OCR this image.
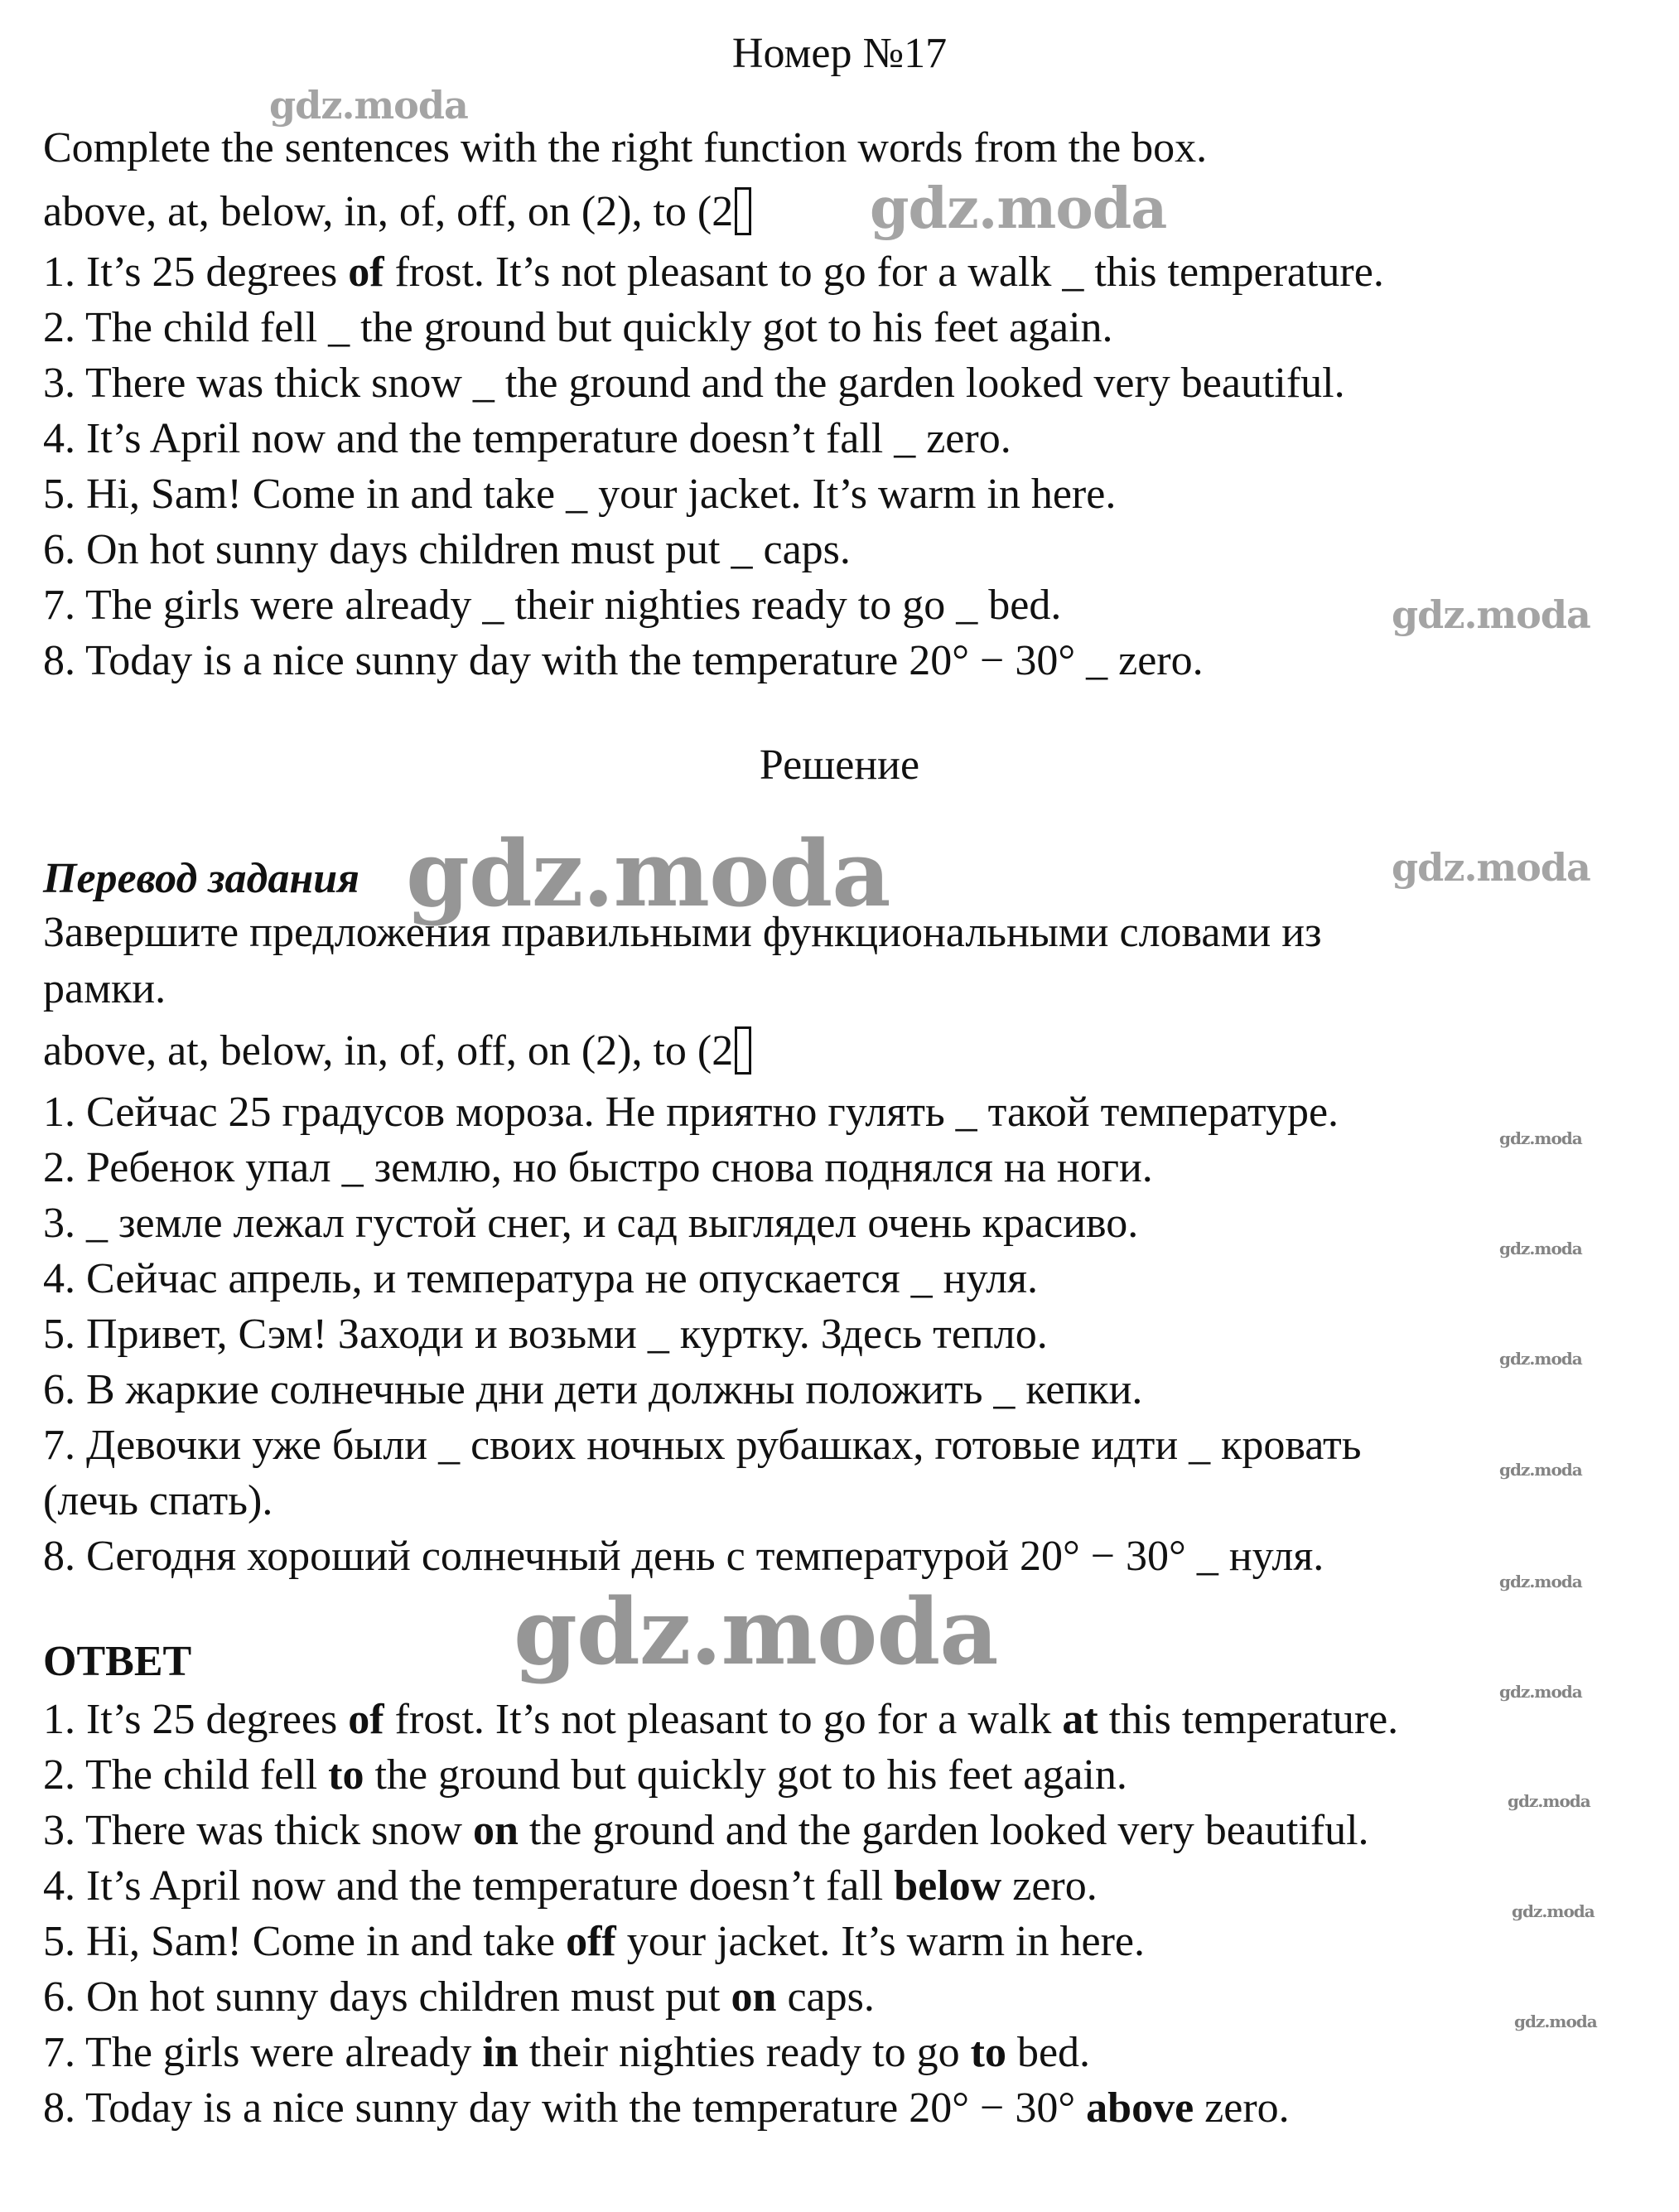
Номер №17
Complete the sentences with the right function words from the box.
above, at, below, in, of, off, on (2), to (2
1. It’s 25 degrees of frost. It’s not pleasant to go for a walk _ this temperature.
2. The child fell _ the ground but quickly got to his feet again.
3. There was thick snow _ the ground and the garden looked very beautiful.
4. It’s April now and the temperature doesn’t fall _ zero.
5. Hi, Sam! Come in and take _ your jacket. It’s warm in here.
6. On hot sunny days children must put _ caps.
7. The girls were already _ their nighties ready to go _ bed.
8. Today is a nice sunny day with the temperature 20° − 30° _ zero.
Решение
Перевод задания
Завершите предложения правильными функциональными словами из
рамки.
above, at, below, in, of, off, on (2), to (2
1. Сейчас 25 градусов мороза. Не приятно гулять _ такой температуре.
2. Ребенок упал _ землю, но быстро снова поднялся на ноги.
3. _ земле лежал густой снег, и сад выглядел очень красиво.
4. Сейчас апрель, и температура не опускается _ нуля.
5. Привет, Сэм! Заходи и возьми _ куртку. Здесь тепло.
6. В жаркие солнечные дни дети должны положить _ кепки.
7. Девочки уже были _ своих ночных рубашках, готовые идти _ кровать
(лечь спать).
8. Сегодня хороший солнечный день с температурой 20° − 30° _ нуля.
ОТВЕТ
1. It’s 25 degrees of frost. It’s not pleasant to go for a walk at this temperature.
2. The child fell to the ground but quickly got to his feet again.
3. There was thick snow on the ground and the garden looked very beautiful.
4. It’s April now and the temperature doesn’t fall below zero.
5. Hi, Sam! Come in and take off your jacket. It’s warm in here.
6. On hot sunny days children must put on caps.
7. The girls were already in their nighties ready to go to bed.
8. Today is a nice sunny day with the temperature 20° − 30° above zero.
gdz.moda
gdz.moda
gdz.moda
gdz.moda	gdz.moda
gdz.moda
gdz.moda
gdz.moda
gdz.moda
gdz.moda
gdz.moda
gdz.moda
gdz.moda
gdz.moda
gdz.moda
